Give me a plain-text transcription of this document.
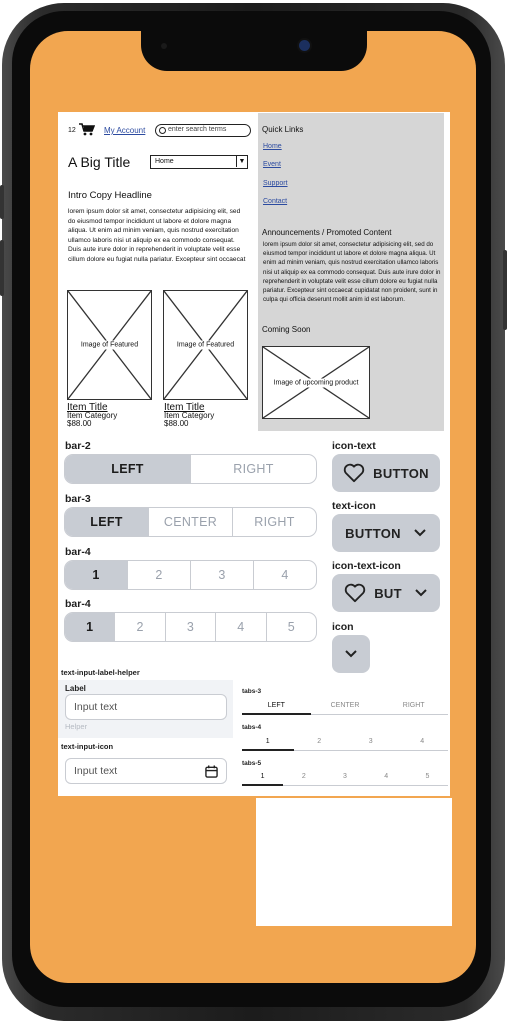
12	My Account	enter search terms
A Big Title	Home	▼
Intro Copy Headline
lorem ipsum dolor sit amet, consectetur adipisicing elit, sed do eiusmod tempor incididunt ut labore et dolore magna aliqua. Ut enim ad minim veniam, quis nostrud exercitation ullamco laboris nisi ut aliquip ex ea commodo consequat. Duis aute irure dolor in reprehenderit in voluptate velit esse cillum dolore eu fugiat nulla pariatur. Excepteur sint occaecat
Image of Featured	Image of Featured
Item Title
Item Category
$88.00
Item Title
Item Category
$88.00
Quick Links
Home
Event
Support
Contact
Announcements / Promoted Content
lorem ipsum dolor sit amet, consectetur adipisicing elit, sed do eiusmod tempor incididunt ut labore et dolore magna aliqua. Ut enim ad minim veniam, quis nostrud exercitation ullamco laboris nisi ut aliquip ex ea commodo consequat. Duis aute irure dolor in reprehenderit in voluptate velit esse cillum dolore eu fugiat nulla pariatur. Excepteur sint occaecat cupidatat non proident, sunt in culpa qui officia deserunt mollit anim id est laborum.
Coming Soon
Image of upcoming product
bar-2
LEFT	RIGHT
bar-3
LEFT	CENTER	RIGHT
bar-4
1	2	3	4
bar-4
1	2	3	4	5
icon-text
BUTTON
text-icon
BUTTON
icon-text-icon
BUT
icon
text-input-label-helper
Label
Input text
Helper
text-input-icon
Input text
tabs-3
LEFT	CENTER	RIGHT
tabs-4
1	2	3	4
tabs-5
1	2	3	4	5
